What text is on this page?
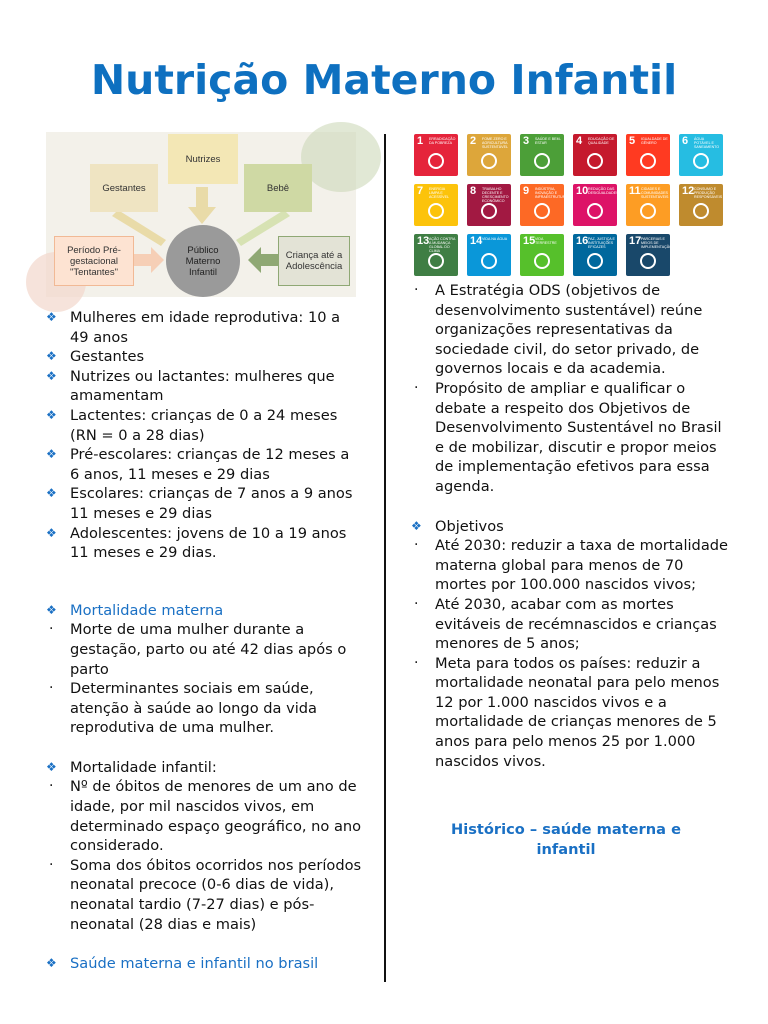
Nutrição Materno Infantil
Nutrizes
Gestantes	Bebê
Período Pré-
gestacional
"Tentantes"
Público
Materno
Infantil
Criança até a
Adolescência
1 ERRADICAÇÃO DA POBREZA	2 FOME ZERO E AGRICULTURA SUSTENTÁVEL 3 SAÚDE E BEM-ESTAR	4 EDUCAÇÃO DE QUALIDADE	5 IGUALDADE DE GÊNERO	6 ÁGUA POTÁVEL E SANEAMENTO
7 ENERGIA LIMPA E ACESSÍVEL	8 TRABALHO DECENTE E CRESCIMENTO ECONÔMICO
9 INDÚSTRIA, INOVAÇÃO E INFRAESTRUTURA 10 REDUÇÃO DAS DESIGUALDADES 11 CIDADES E COMUNIDADES SUSTENTÁVEIS 12 CONSUMO E PRODUÇÃO RESPONSÁVEIS
13 AÇÃO CONTRA A MUDANÇA GLOBAL DO CLIMA
14 VIDA NA ÁGUA 15 VIDA TERRESTRE	16 PAZ, JUSTIÇA E INSTITUIÇÕES EFICAZES	17 PARCERIAS E MEIOS DE IMPLEMENTAÇÃO
❖ Mulheres em idade reprodutiva: 10 a 49 anos
❖ Gestantes
❖ Nutrizes ou lactantes: mulheres que amamentam
❖ Lactentes: crianças de 0 a 24 meses (RN = 0 a 28 dias)
❖ Pré-escolares: crianças de 12 meses a 6 anos, 11 meses e 29 dias
❖ Escolares: crianças de 7 anos a 9 anos 11 meses e 29 dias
❖ Adolescentes: jovens de 10 a 19 anos 11 meses e 29 dias.
❖ Mortalidade materna
·	Morte de uma mulher durante a gestação, parto ou até 42 dias após o parto
·	Determinantes sociais em saúde, atenção à saúde ao longo da vida reprodutiva de uma mulher.
❖ Mortalidade infantil:
·	Nº de óbitos de menores de um ano de idade, por mil nascidos vivos, em determinado espaço geográfico, no ano considerado.
·	Soma dos óbitos ocorridos nos períodos neonatal precoce (0-6 dias de vida), neonatal tardio (7-27 dias) e pós-neonatal (28 dias e mais)
❖ Saúde materna e infantil no brasil
·	A Estratégia ODS (objetivos de desenvolvimento sustentável) reúne organizações representativas da sociedade civil, do setor privado, de governos locais e da academia.
·	Propósito de ampliar e qualificar o debate a respeito dos Objetivos de Desenvolvimento Sustentável no Brasil e de mobilizar, discutir e propor meios de implementação efetivos para essa agenda.
❖ Objetivos
·	Até 2030: reduzir a taxa de mortalidade materna global para menos de 70 mortes por 100.000 nascidos vivos;
·	Até 2030, acabar com as mortes evitáveis de recémnascidos e crianças menores de 5 anos;
·	Meta para todos os países: reduzir a mortalidade neonatal para pelo menos 12 por 1.000 nascidos vivos e a mortalidade de crianças menores de 5 anos para pelo menos 25 por 1.000 nascidos vivos.
Histórico – saúde materna e infantil
